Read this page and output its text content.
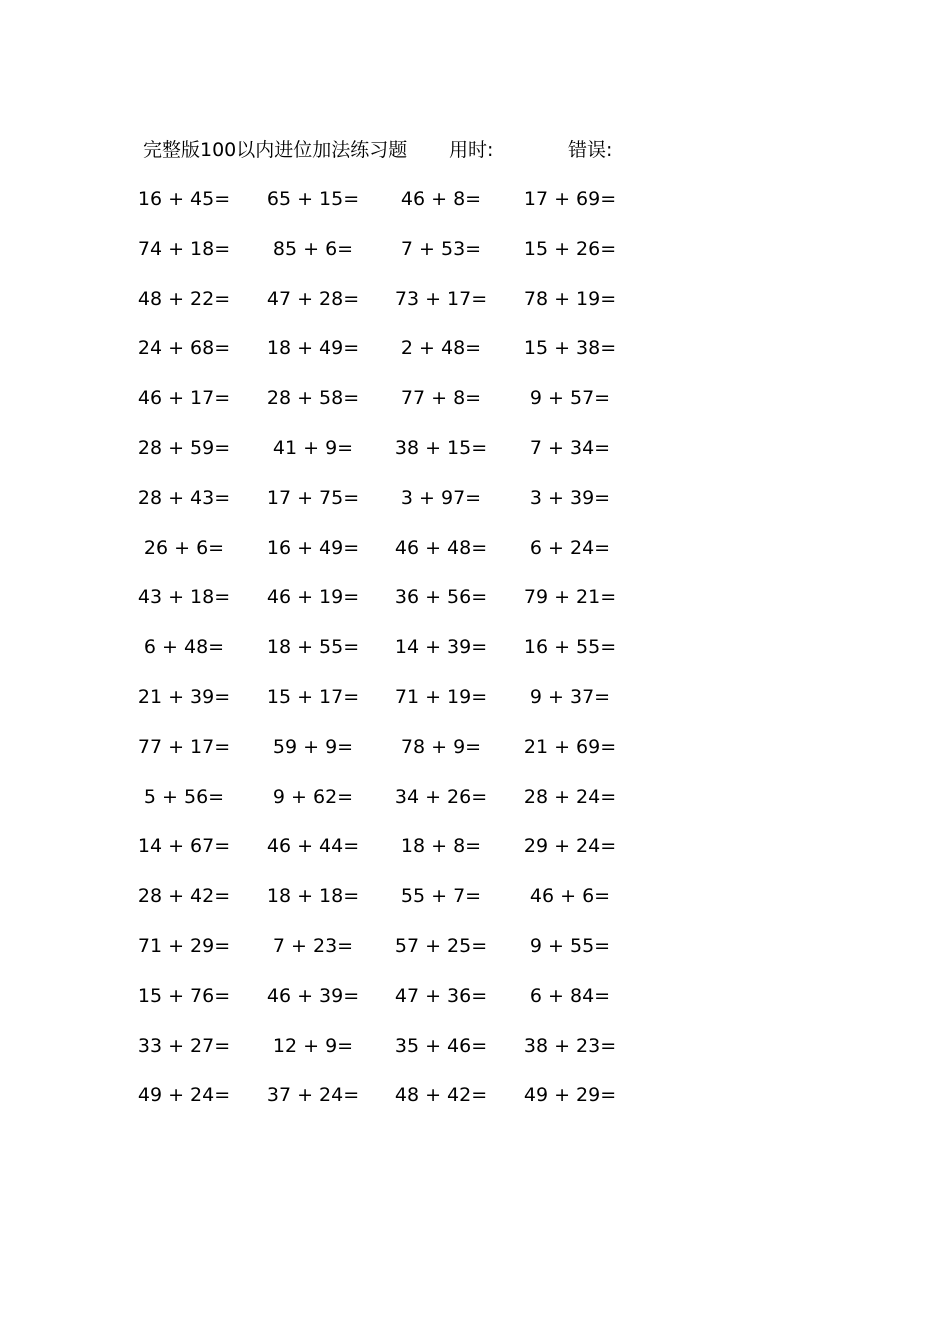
完整版100以内进位加法练习题 用时:	错误:
16 + 45= 65 + 15=	46 + 8=	17 + 69=
74 + 18=	85 + 6=	7 + 53=	15 + 26=
48 + 22= 47 + 28= 73 + 17= 78 + 19=
24 + 68= 18 + 49=	2 + 48=	15 + 38=
46 + 17= 28 + 58=	77 + 8=	9 + 57=
28 + 59=	41 + 9=	38 + 15=	7 + 34=
28 + 43= 17 + 75=	3 + 97=	3 + 39=
26 + 6=	16 + 49= 46 + 48=	6 + 24=
43 + 18= 46 + 19= 36 + 56= 79 + 21=
6 + 48=	18 + 55= 14 + 39= 16 + 55=
21 + 39= 15 + 17= 71 + 19=	9 + 37=
77 + 17=	59 + 9=	78 + 9=	21 + 69=
5 + 56=	9 + 62=	34 + 26= 28 + 24=
14 + 67= 46 + 44=	18 + 8=	29 + 24=
28 + 42= 18 + 18=	55 + 7=	46 + 6=
71 + 29=	7 + 23=	57 + 25=	9 + 55=
15 + 76= 46 + 39= 47 + 36=	6 + 84=
33 + 27=	12 + 9=	35 + 46= 38 + 23=
49 + 24= 37 + 24= 48 + 42= 49 + 29=
